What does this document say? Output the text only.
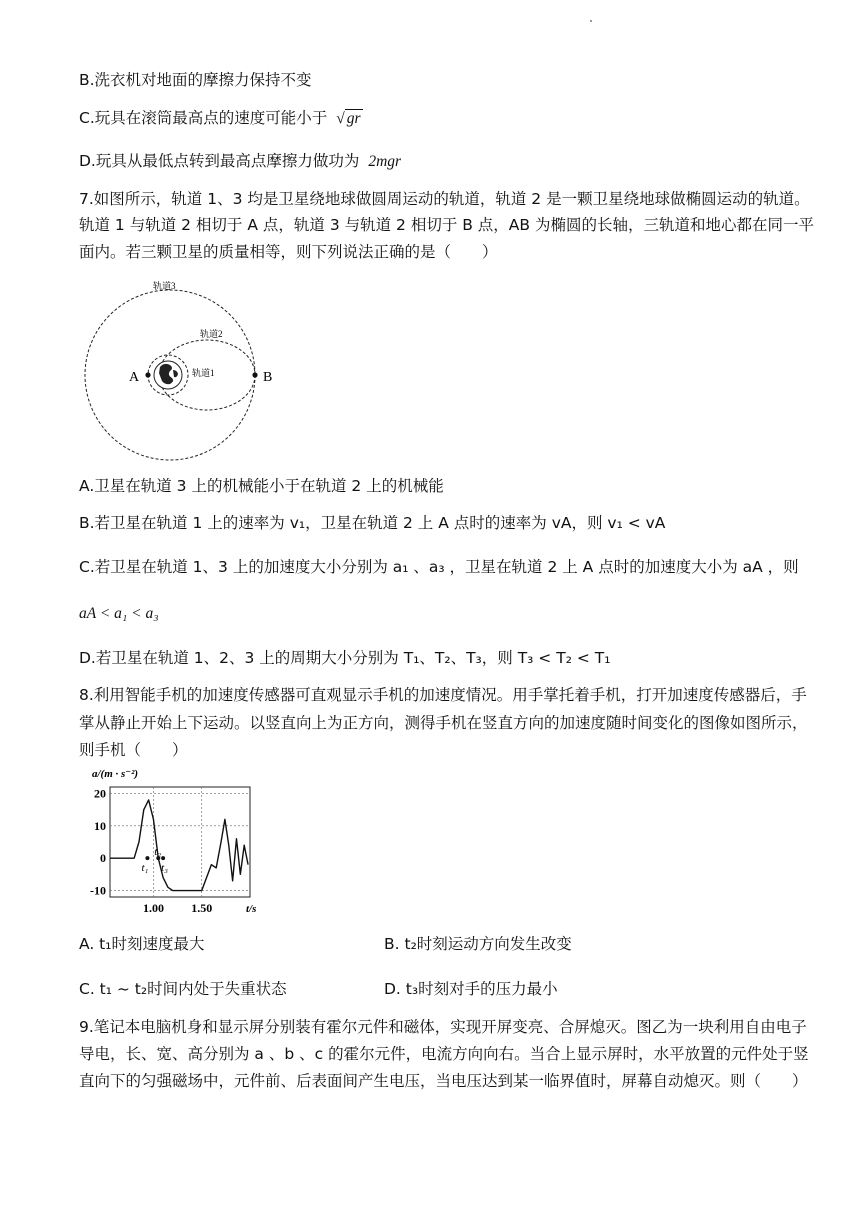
B.洗衣机对地面的摩擦力保持不变
C.玩具在滚筒最高点的速度可能小于 √ gr
D.玩具从最低点转到最高点摩擦力做功为 2mgr
7.如图所示，轨道 1、3 均是卫星绕地球做圆周运动的轨道，轨道 2 是一颗卫星绕地球做椭圆运动的轨道。
轨道 1 与轨道 2 相切于 A 点，轨道 3 与轨道 2 相切于 B 点，AB 为椭圆的长轴，三轨道和地心都在同一平
面内。若三颗卫星的质量相等，则下列说法正确的是（　　）
轨道3
轨道2
轨道1
A	B
A.卫星在轨道 3 上的机械能小于在轨道 2 上的机械能
B.若卫星在轨道 1 上的速率为 v₁，卫星在轨道 2 上 A 点时的速率为 vA，则 v₁ < vA
C.若卫星在轨道 1、3 上的加速度大小分别为 a₁ 、a₃ ，卫星在轨道 2 上 A 点时的加速度大小为 aA ，则
aA < a₁ < a₃
D.若卫星在轨道 1、2、3 上的周期大小分别为 T₁、T₂、T₃，则 T₃ < T₂ < T₁
8.利用智能手机的加速度传感器可直观显示手机的加速度情况。用手掌托着手机，打开加速度传感器后，手
掌从静止开始上下运动。以竖直向上为正方向，测得手机在竖直方向的加速度随时间变化的图像如图所示，
则手机（　　）
20
10
0
-10
1.00 1.50
a/(m · s⁻²)
t/s
t₁
t₂
t₃
A. t₁时刻速度最大	B. t₂时刻运动方向发生改变
C. t₁ ~ t₂时间内处于失重状态	D. t₃时刻对手的压力最小
9.笔记本电脑机身和显示屏分别装有霍尔元件和磁体，实现开屏变亮、合屏熄灭。图乙为一块利用自由电子
导电，长、宽、高分别为 a 、b 、c 的霍尔元件，电流方向向右。当合上显示屏时，水平放置的元件处于竖
直向下的匀强磁场中，元件前、后表面间产生电压，当电压达到某一临界值时，屏幕自动熄灭。则（　　）
